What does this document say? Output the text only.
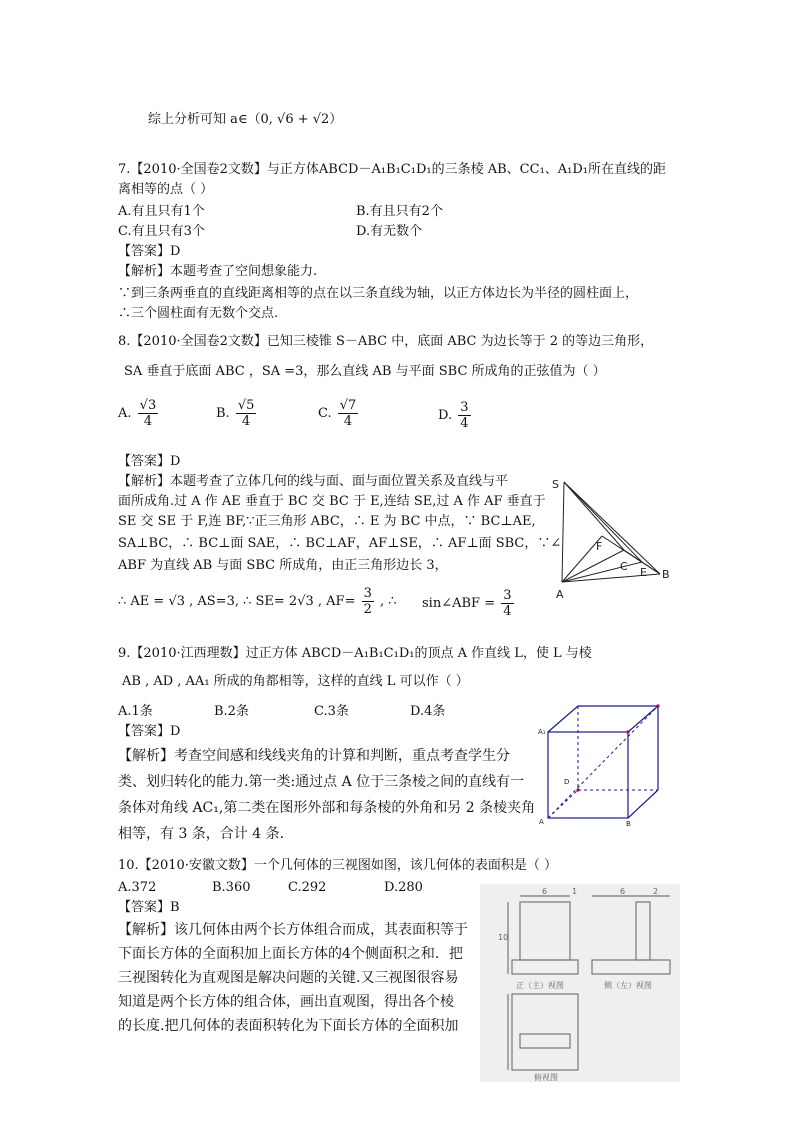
综上分析可知 a∈（0, √6 + √2）
7.【2010·全国卷2文数】与正方体ABCD－A₁B₁C₁D₁的三条棱 AB、CC₁、A₁D₁所在直线的距
离相等的点（ ）
A.有且只有1个	B.有且只有2个
C.有且只有3个	D.有无数个
【答案】D
【解析】本题考查了空间想象能力.
∵到三条两垂直的直线距离相等的点在以三条直线为轴，以正方体边长为半径的圆柱面上，
∴三个圆柱面有无数个交点.
8.【2010·全国卷2文数】已知三棱锥 S－ABC 中，底面 ABC 为边长等于 2 的等边三角形，
SA 垂直于底面 ABC ，SA =3，那么直线 AB 与平面 SBC 所成角的正弦值为（ ）
A. $\frac{√3}{4}$	B. $\frac{√5}{4}$	C. $\frac{√7}{4}$	D. $\frac{3}{4}$
【答案】D
【解析】本题考查了立体几何的线与面、面与面位置关系及直线与平
面所成角.过 A 作 AE 垂直于 BC 交 BC 于 E,连结 SE,过 A 作 AF 垂直于
SE 交 SE 于 F,连 BF,∵正三角形 ABC，∴ E 为 BC 中点，∵ BC⊥AE,
SA⊥BC，∴ BC⊥面 SAE，∴ BC⊥AF，AF⊥SE，∴ AF⊥面 SBC，∵∠
ABF 为直线 AB 与面 SBC 所成角，由正三角形边长 3，
∴ AE = √3 , AS=3, ∴ SE= 2√3 , $AF= \frac{3}{2}$ , ∴ sin∠ABF = $\frac{3}{4}$
S
A
B
C E
F
9.【2010·江西理数】过正方体 ABCD－A₁B₁C₁D₁的顶点 A 作直线 L，使 L 与棱
AB , AD , AA₁ 所成的角都相等，这样的直线 L 可以作（ ）
A.1条	B.2条	C.3条	D.4条
【答案】D
【解析】考查空间感和线线夹角的计算和判断，重点考查学生分
类、划归转化的能力.第一类:通过点 A 位于三条棱之间的直线有一
条体对角线 AC₁,第二类在图形外部和每条棱的外角和另 2 条棱夹角
相等，有 3 条，合计 4 条.
A₁
D
A	B
10.【2010·安徽文数】一个几何体的三视图如图，该几何体的表面积是（ ）
A.372	B.360	C.292	D.280
【答案】B
【解析】该几何体由两个长方体组合而成，其表面积等于
下面长方体的全面积加上面长方体的4个侧面积之和．把
三视图转化为直观图是解决问题的关键.又三视图很容易
知道是两个长方体的组合体，画出直观图，得出各个棱
的长度.把几何体的表面积转化为下面长方体的全面积加
6	1	6	2
10
正（主）视图	侧（左）视图
俯视图
